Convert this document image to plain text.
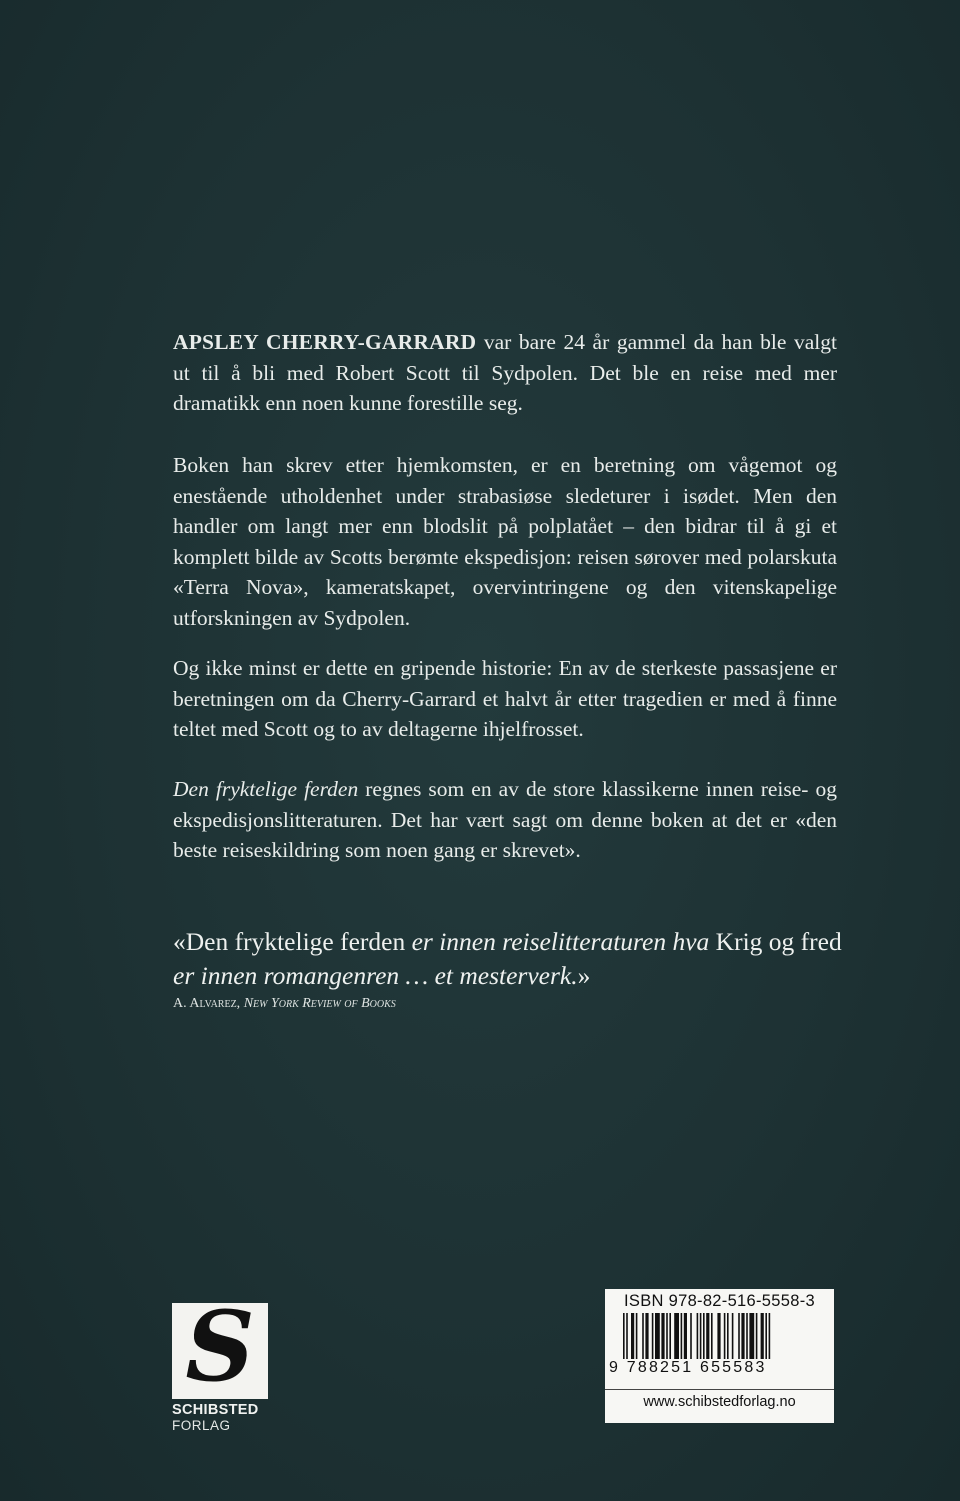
APSLEY CHERRY-GARRARD var bare 24 år gammel da han ble valgt ut til å bli med Robert Scott til Sydpolen. Det ble en reise med mer dramatikk enn noen kunne forestille seg.
Boken han skrev etter hjemkomsten, er en beretning om vågemot og enestående utholdenhet under strabasiøse sledeturer i isødet. Men den handler om langt mer enn blodslit på polplatået – den bidrar til å gi et komplett bilde av Scotts berømte ekspedisjon: reisen sørover med polarskuta «Terra Nova», kameratskapet, overvintringene og den vitenskapelige utforskningen av Sydpolen.
Og ikke minst er dette en gripende historie: En av de sterkeste passasjene er beretningen om da Cherry-Garrard et halvt år etter tragedien er med å finne teltet med Scott og to av deltagerne ihjelfrosset.
Den fryktelige ferden regnes som en av de store klassikerne innen reise- og ekspedisjonslitteraturen. Det har vært sagt om denne boken at det er «den beste reiseskildring som noen gang er skrevet».
«Den fryktelige ferden er innen reiselitteraturen hva Krig og fred er innen romangenren … et mesterverk.»
A. Alvarez, New York Review of Books
S
SCHIBSTED
FORLAG
ISBN 978-82-516-5558-3
9 788251 655583
www.schibstedforlag.no
